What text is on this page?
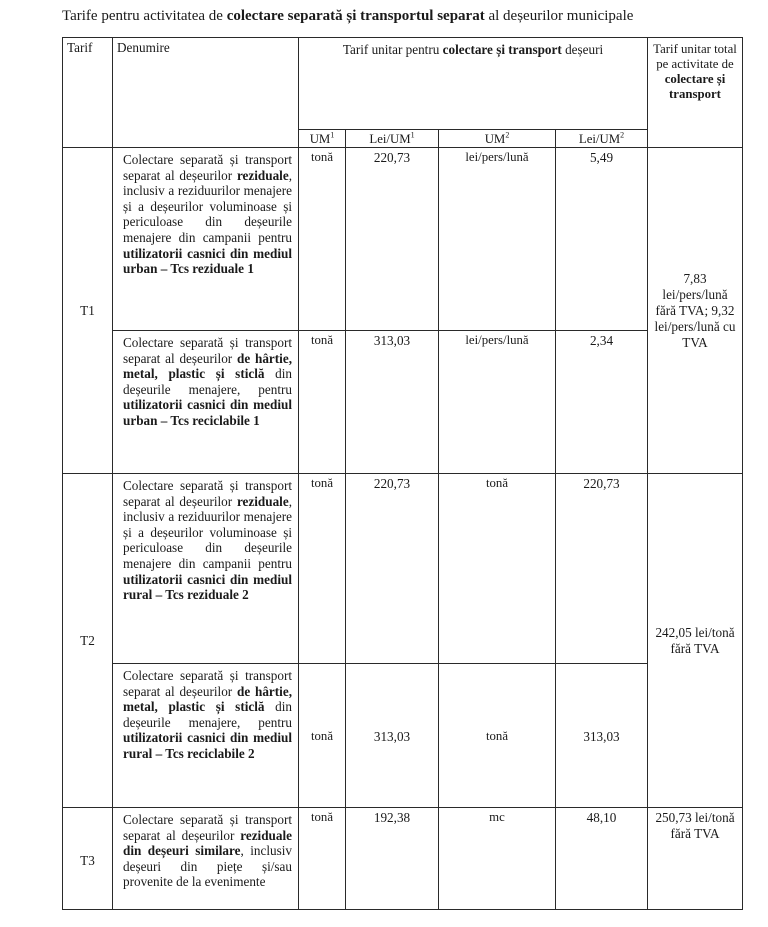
Tarife pentru activitatea de colectare separată și transportul separat al deșeurilor municipale
Tarif	Denumire	Tarif unitar pentru colectare și transport deșeuri				Tarif unitar total pe activitate de
colectare și transport
		$UM^1$	Lei/$UM^1$	$UM^2$	Lei/$UM^2$
T1	Colectare separată și transport separat al deșeurilor reziduale, inclusiv a reziduurilor menajere și a deșeurilor voluminoase și periculoase din deșeurile menajere din campanii pentru utilizatorii casnici din mediul urban – Tcs reziduale 1	tonă	220,73	lei/pers/lună	5,49	7,83 lei/pers/lună fără TVA; 9,32 lei/pers/lună cu TVA
	Colectare separată și transport separat al deșeurilor de hârtie, metal, plastic și sticlă din deșeurile menajere, pentru utilizatorii casnici din mediul urban – Tcs reciclabile 1	tonă	313,03	lei/pers/lună	2,34	
T2	Colectare separată și transport separat al deșeurilor reziduale, inclusiv a reziduurilor menajere și a deșeurilor voluminoase și periculoase din deșeurile menajere din campanii pentru utilizatorii casnici din mediul rural – Tcs reziduale 2	tonă	220,73	tonă	220,73	242,05 lei/tonă fără TVA
	Colectare separată și transport separat al deșeurilor de hârtie, metal, plastic și sticlă din deșeurile menajere, pentru utilizatorii casnici din mediul rural – Tcs reciclabile 2	tonă	313,03	tonă	313,03	
T3	Colectare separată și transport separat al deșeurilor reziduale din deșeuri similare, inclusiv deșeuri din piețe și/sau provenite de la evenimente	tonă	192,38	mc	48,10	250,73 lei/tonă fără TVA
